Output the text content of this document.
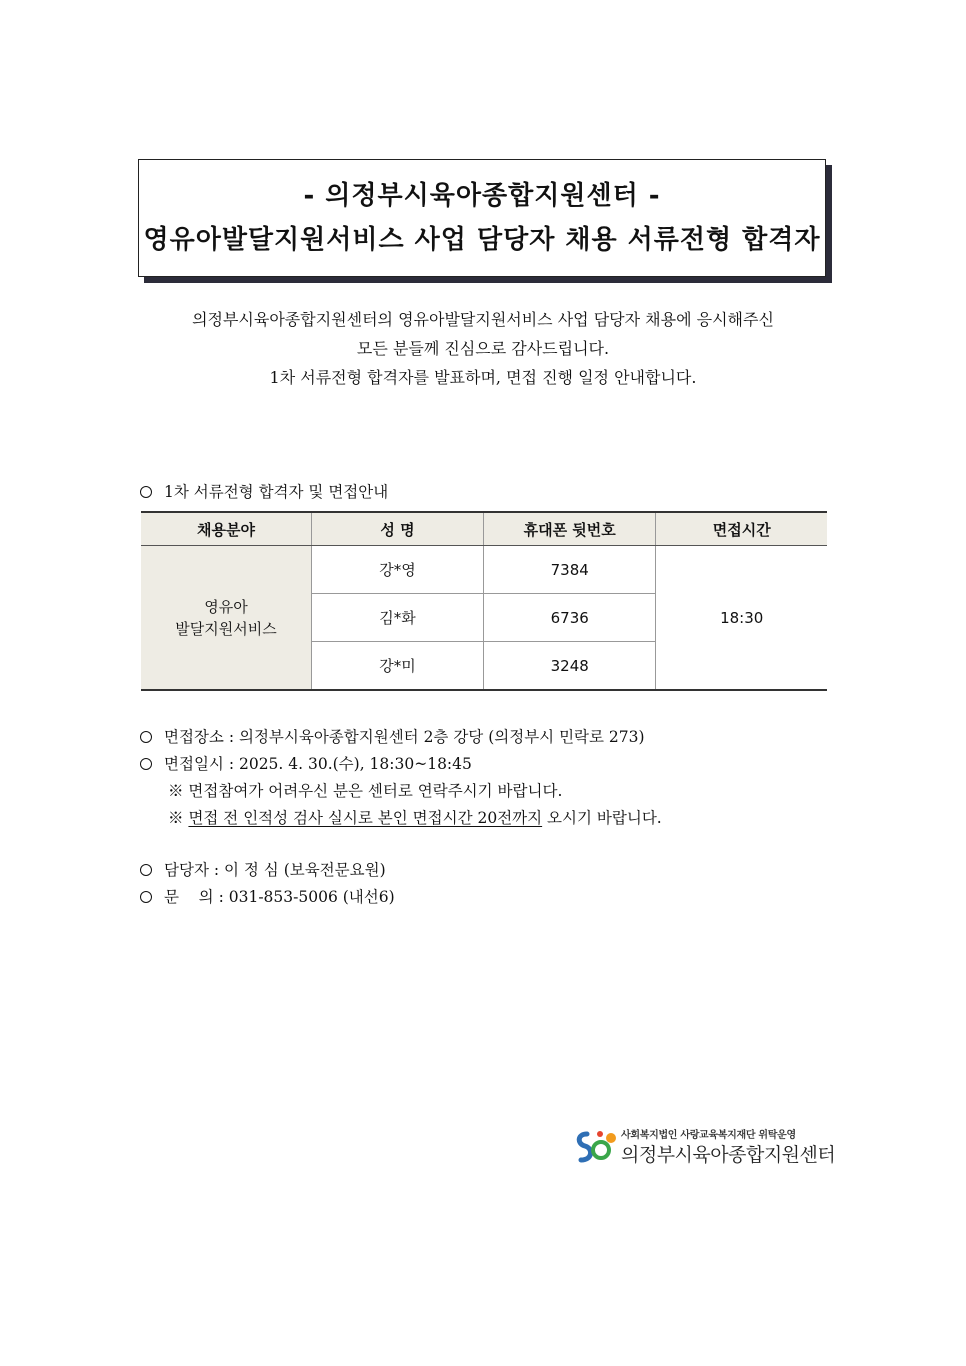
- 의정부시육아종합지원센터 -
영유아발달지원서비스 사업 담당자 채용 서류전형 합격자
의정부시육아종합지원센터의 영유아발달지원서비스 사업 담당자 채용에 응시해주신
모든 분들께 진심으로 감사드립니다.
1차 서류전형 합격자를 발표하며, 면접 진행 일정 안내합니다.
1차 서류전형 합격자 및 면접안내
채용분야	성 명	휴대폰 뒷번호	면접시간

영유아
발달지원서비스	강*영	7384	18:30
	김*화	6736	
	강*미	3248	
면접장소 : 의정부시육아종합지원센터 2층 강당 (의정부시 민락로 273)
면접일시 : 2025. 4. 30.(수), 18:30~18:45
※ 면접참여가 어려우신 분은 센터로 연락주시기 바랍니다.
※ 면접 전 인적성 검사 실시로 본인 면접시간 20전까지 오시기 바랍니다.
담당자 : 이 정 심 (보육전문요원)
문    의 : 031-853-5006 (내선6)
사회복지법인 사랑교육복지재단 위탁운영
의정부시육아종합지원센터
